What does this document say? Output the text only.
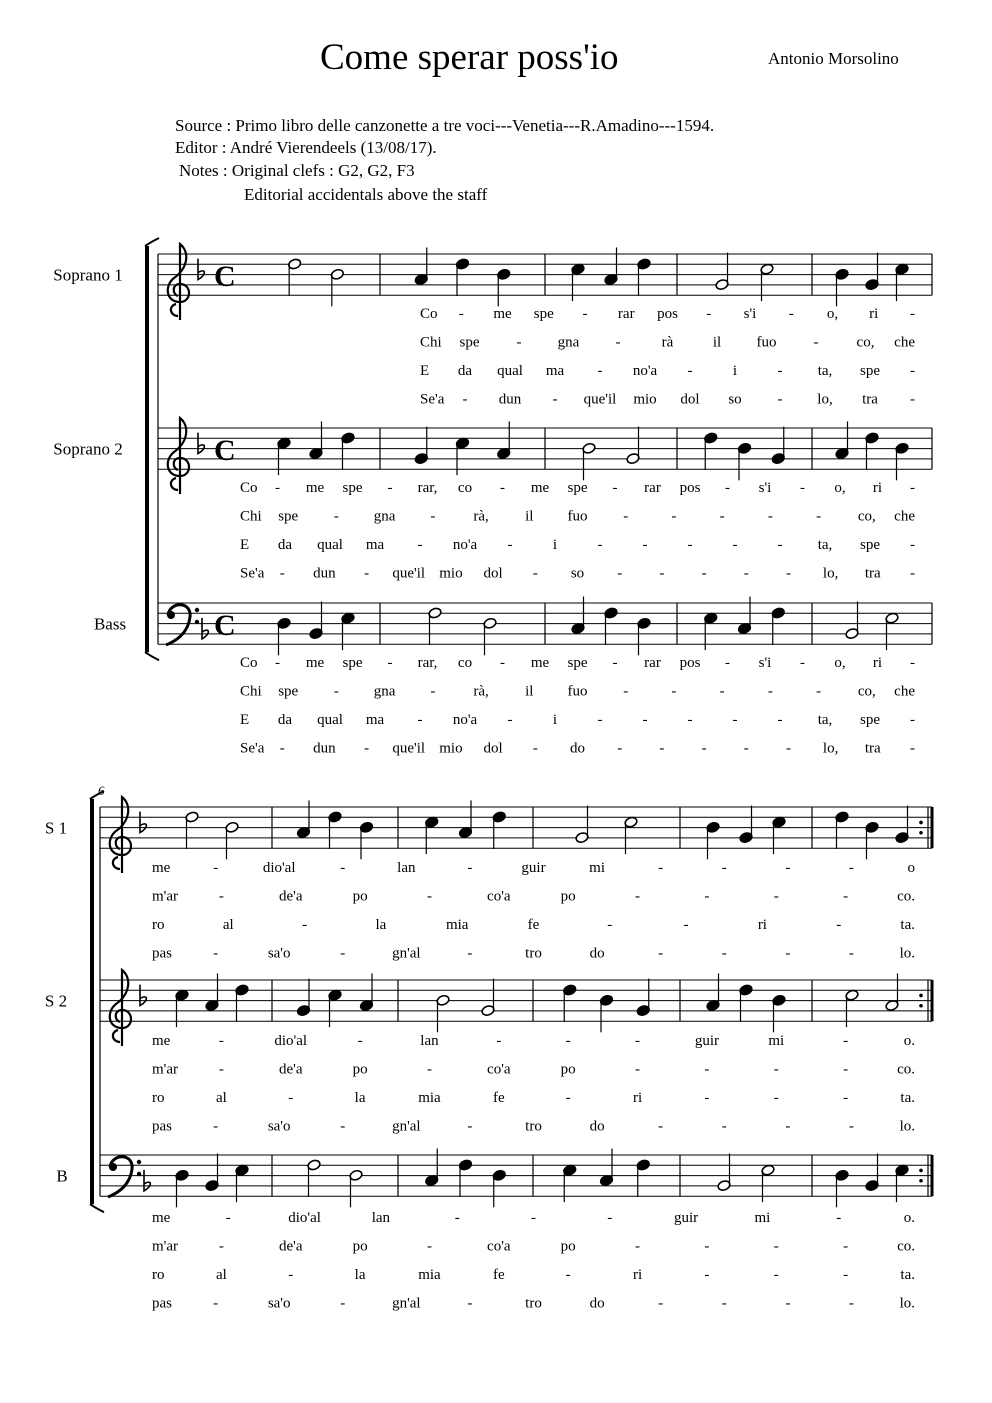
Come sperar poss'io	Antonio Morsolino
Source : Primo libro delle canzonette a tre voci---Venetia---R.Amadino---1594.
Editor : André Vierendeels (13/08/17).
Notes : Original clefs : G2, G2, F3
Editorial accidentals above the staff
Soprano 1	C
Co - me spe - rar pos - s'i - o, ri -
Chi spe - gna -	rà	il fuo -	co, che
E da qual ma - no'a -	i	- ta, spe -
Se'a - dun - que'il mio dol so - lo, tra -
Soprano 2	C
Co - me spe - rar, co - me spe - rar pos - s'i - o, ri -
Chi spe - gna -	rà, il fuo -	-	-	-	- co, che
E da qual ma - no'a -	i	-	-	-	-	- ta, spe -
Se'a - dun - que'il mio dol - so - - - - - lo, tra -
Bass	C
Co - me spe - rar, co - me spe - rar pos - s'i - o, ri -
Chi spe - gna -	rà, il fuo -	-	-	-	- co, che
E da qual ma - no'a -	i	-	-	-	-	- ta, spe -
Se'a - dun - que'il mio dol - do - - - - - lo, tra -
6
S 1
me	-	dio'al	-	lan	-	guir	mi	-	-	-	-	o
m'ar	-	de'a	po	-	co'a	po	-	-	-	-	co.
ro	al	-	la	mia	fe	-	-	ri	-	ta.
pas	-	sa'o	-	gn'al	-	tro	do	-	-	-	-	lo.
S 2
me	-	dio'al	-	lan	-	-	-	guir	mi	-	o.
m'ar	-	de'a	po	-	co'a	po	-	-	-	-	co.
ro	al	-	la	mia	fe	-	ri	-	-	-	ta.
pas	-	sa'o	-	gn'al	-	tro	do	-	-	-	-	lo.
B
me	-	dio'al	lan	-	-	-	guir	mi	-	o.
m'ar	-	de'a	po	-	co'a	po	-	-	-	-	co.
ro	al	-	la	mia	fe	-	ri	-	-	-	ta.
pas	-	sa'o	-	gn'al	-	tro	do	-	-	-	-	lo.
